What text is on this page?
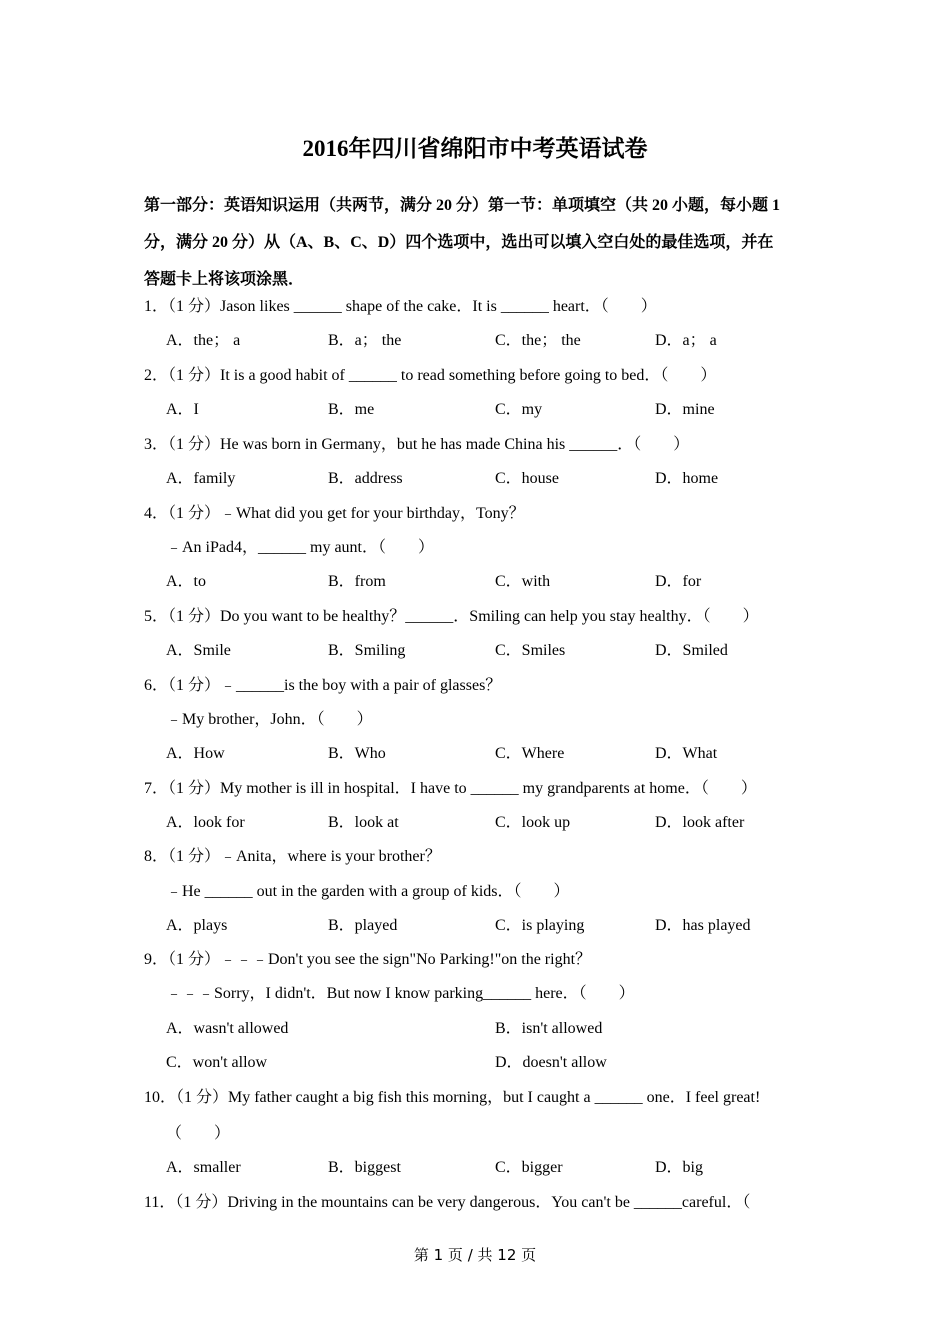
2016年四川省绵阳市中考英语试卷
第一部分：英语知识运用（共两节，满分 20 分）第一节：单项填空（共 20 小题，每小题 1
分，满分 20 分）从（A、B、C、D）四个选项中，选出可以填入空白处的最佳选项，并在
答题卡上将该项涂黑．
1．（1 分）Jason likes ______ shape of the cake．It is ______ heart．（　　）
A．the； a	B．a； the	C．the； the	D．a； a
2．（1 分）It is a good habit of ______ to read something before going to bed．（　　）
A．I	B．me	C．my	D．mine
3．（1 分）He was born in Germany，but he has made China his ______．（　　）
A．family	B．address	C．house	D．home
4．（1 分）﹣What did you get for your birthday，Tony？
﹣An iPad4，______ my aunt．（　　）
A．to	B．from	C．with	D．for
5．（1 分）Do you want to be healthy？______．Smiling can help you stay healthy．（　　）
A．Smile	B．Smiling	C．Smiles	D．Smiled
6．（1 分）﹣______is the boy with a pair of glasses？
﹣My brother，John．（　　）
A．How	B．Who	C．Where	D．What
7．（1 分）My mother is ill in hospital．I have to ______ my grandparents at home．（　　）
A．look for	B．look at	C．look up	D．look after
8．（1 分）﹣Anita，where is your brother？
﹣He ______ out in the garden with a group of kids．（　　）
A．plays	B．played	C．is playing	D．has played
9．（1 分）﹣﹣﹣Don't you see the sign"No Parking!"on the right？
﹣﹣﹣Sorry，I didn't．But now I know parking______ here．（　　）
A．wasn't allowed	B．isn't allowed
C．won't allow	D．doesn't allow
10．（1 分）My father caught a big fish this morning，but I caught a ______ one．I feel great!
（　　）
A．smaller	B．biggest	C．bigger	D．big
11．（1 分）Driving in the mountains can be very dangerous．You can't be ______careful．（
第 1 页 / 共 12 页
